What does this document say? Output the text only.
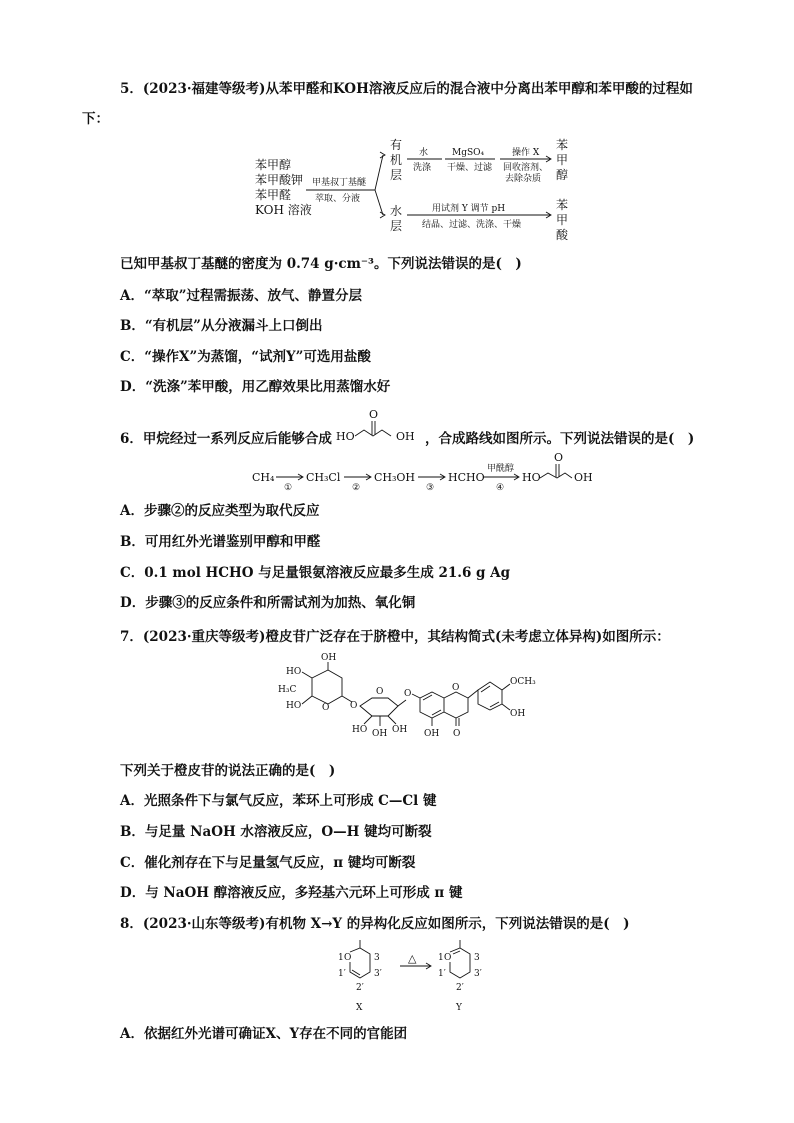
5．(2023·福建等级考)从苯甲醛和KOH溶液反应后的混合液中分离出苯甲醇和苯甲酸的过程如
下：
苯甲醇
苯甲酸钾
苯甲醛
KOH 溶液
甲基叔丁基醚
萃取、分液
有
机
层
水
洗涤
MgSO₄
干燥、过滤
操作 X
回收溶剂、
去除杂质
苯
甲
醇
水
层
用试剂 Y 调节 pH
结晶、过滤、洗涤、干燥
苯
甲
酸
已知甲基叔丁基醚的密度为 0.74 g·cm⁻³。下列说法错误的是(　)
A．“萃取”过程需振荡、放气、静置分层
B．“有机层”从分液漏斗上口倒出
C．“操作X”为蒸馏，“试剂Y”可选用盐酸
D．“洗涤”苯甲酸，用乙醇效果比用蒸馏水好
6．甲烷经过一系列反应后能够合成 HO
O
OH ，合成路线如图所示。下列说法错误的是(　)
CH₄
①
CH₃Cl
②
CH₃OH
③
HCHO
甲酰醇
④
HO
O
OH
A．步骤②的反应类型为取代反应
B．可用红外光谱鉴别甲醇和甲醛
C．0.1 mol HCHO 与足量银氨溶液反应最多生成 21.6 g Ag
D．步骤③的反应条件和所需试剂为加热、氧化铜
7．(2023·重庆等级考)橙皮苷广泛存在于脐橙中，其结构简式(未考虑立体异构)如图所示：
OH
HO
HO
H₃C
O O
O
HO OH OH
O
O
OH O
OCH₃
OH
下列关于橙皮苷的说法正确的是(　)
A．光照条件下与氯气反应，苯环上可形成 C—Cl 键
B．与足量 NaOH 水溶液反应，O—H 键均可断裂
C．催化剂存在下与足量氢气反应，π 键均可断裂
D．与 NaOH 醇溶液反应，多羟基六元环上可形成 π 键
8．(2023·山东等级考)有机物 X→Y 的异构化反应如图所示，下列说法错误的是(　)
1 O	3
1′	3′
2′
X
△ 1 O	3
1′	3′
2′
Y
A．依据红外光谱可确证X、Y存在不同的官能团
